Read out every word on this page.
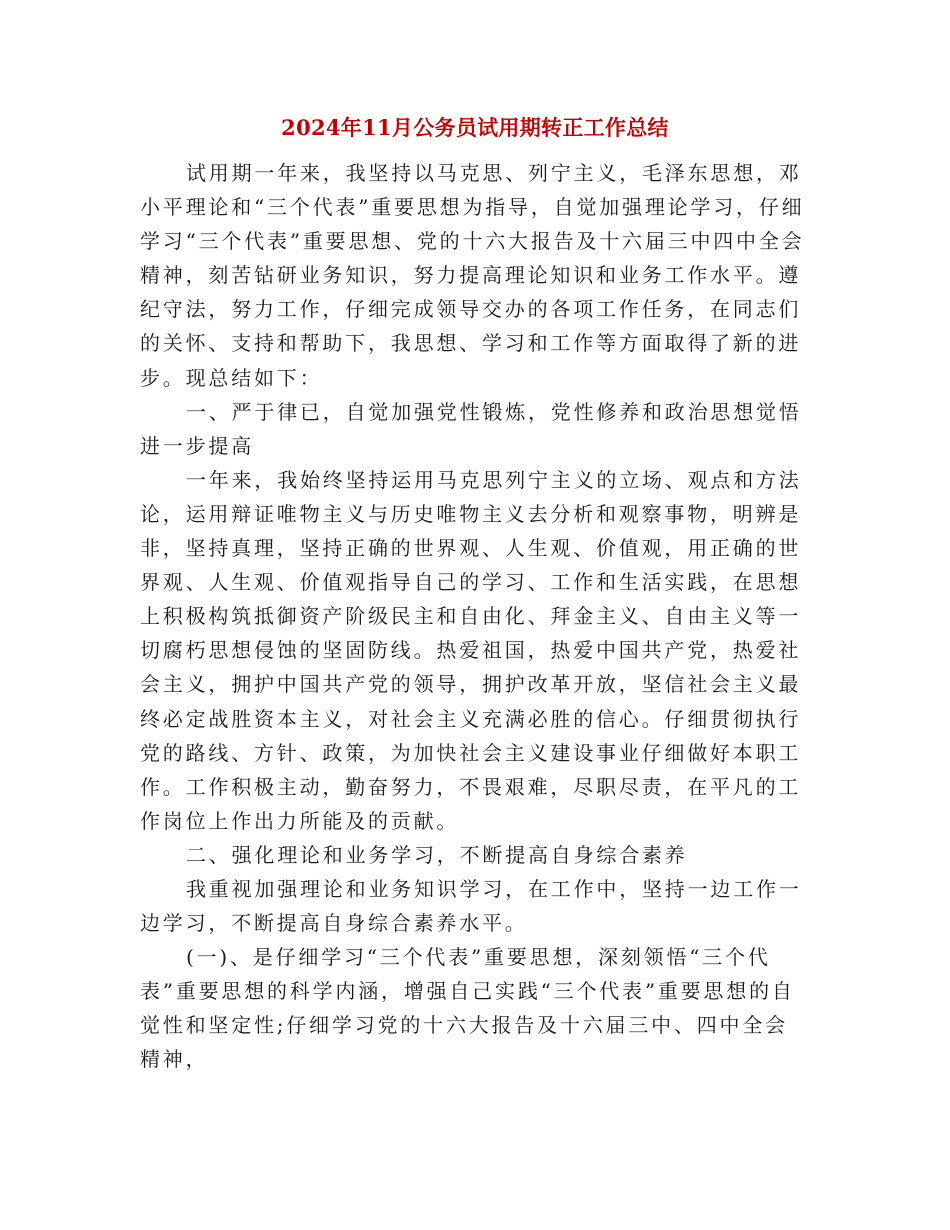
2024年11月公务员试用期转正工作总结

试用期一年来，我坚持以马克思、列宁主义，毛泽东思想，邓小平理论和“三个代表”重要思想为指导，自觉加强理论学习，仔细学习“三个代表”重要思想、党的十六大报告及十六届三中四中全会精神，刻苦钻研业务知识，努力提高理论知识和业务工作水平。遵纪守法，努力工作，仔细完成领导交办的各项工作任务，在同志们的关怀、支持和帮助下，我思想、学习和工作等方面取得了新的进步。现总结如下：

一、严于律已，自觉加强党性锻炼，党性修养和政治思想觉悟进一步提高

一年来，我始终坚持运用马克思列宁主义的立场、观点和方法论，运用辩证唯物主义与历史唯物主义去分析和观察事物，明辨是非，坚持真理，坚持正确的世界观、人生观、价值观，用正确的世界观、人生观、价值观指导自己的学习、工作和生活实践，在思想上积极构筑抵御资产阶级民主和自由化、拜金主义、自由主义等一切腐朽思想侵蚀的坚固防线。热爱祖国，热爱中国共产党，热爱社会主义，拥护中国共产党的领导，拥护改革开放，坚信社会主义最终必定战胜资本主义，对社会主义充满必胜的信心。仔细贯彻执行党的路线、方针、政策，为加快社会主义建设事业仔细做好本职工作。工作积极主动，勤奋努力，不畏艰难，尽职尽责，在平凡的工作岗位上作出力所能及的贡献。

二、强化理论和业务学习，不断提高自身综合素养

我重视加强理论和业务知识学习，在工作中，坚持一边工作一边学习，不断提高自身综合素养水平。

(一)、是仔细学习“三个代表”重要思想，深刻领悟“三个代表”重要思想的科学内涵，增强自己实践“三个代表”重要思想的自觉性和坚定性;仔细学习党的十六大报告及十六届三中、四中全会精神，
